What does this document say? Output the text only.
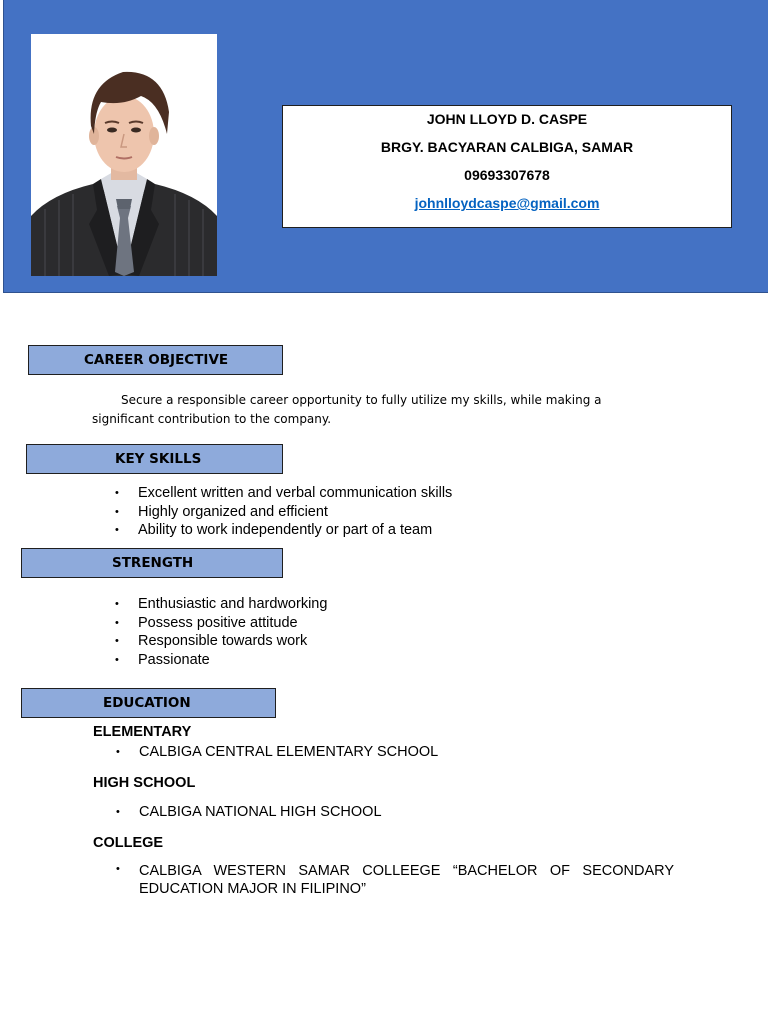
JOHN LLOYD D. CASPE
BRGY. BACYARAN CALBIGA, SAMAR
09693307678
johnlloydcaspe@gmail.com
CAREER OBJECTIVE
Secure a responsible career opportunity to fully utilize my skills, while making a significant contribution to the company.
KEY SKILLS
• Excellent written and verbal communication skills
• Highly organized and efficient
• Ability to work independently or part of a team
STRENGTH
• Enthusiastic and hardworking
• Possess positive attitude
• Responsible towards work
• Passionate
EDUCATION
ELEMENTARY
• CALBIGA CENTRAL ELEMENTARY SCHOOL
HIGH SCHOOL
• CALBIGA NATIONAL HIGH SCHOOL
COLLEGE
• CALBIGA WESTERN SAMAR COLLEEGE “BACHELOR OF SECONDARY EDUCATION MAJOR IN FILIPINO”
